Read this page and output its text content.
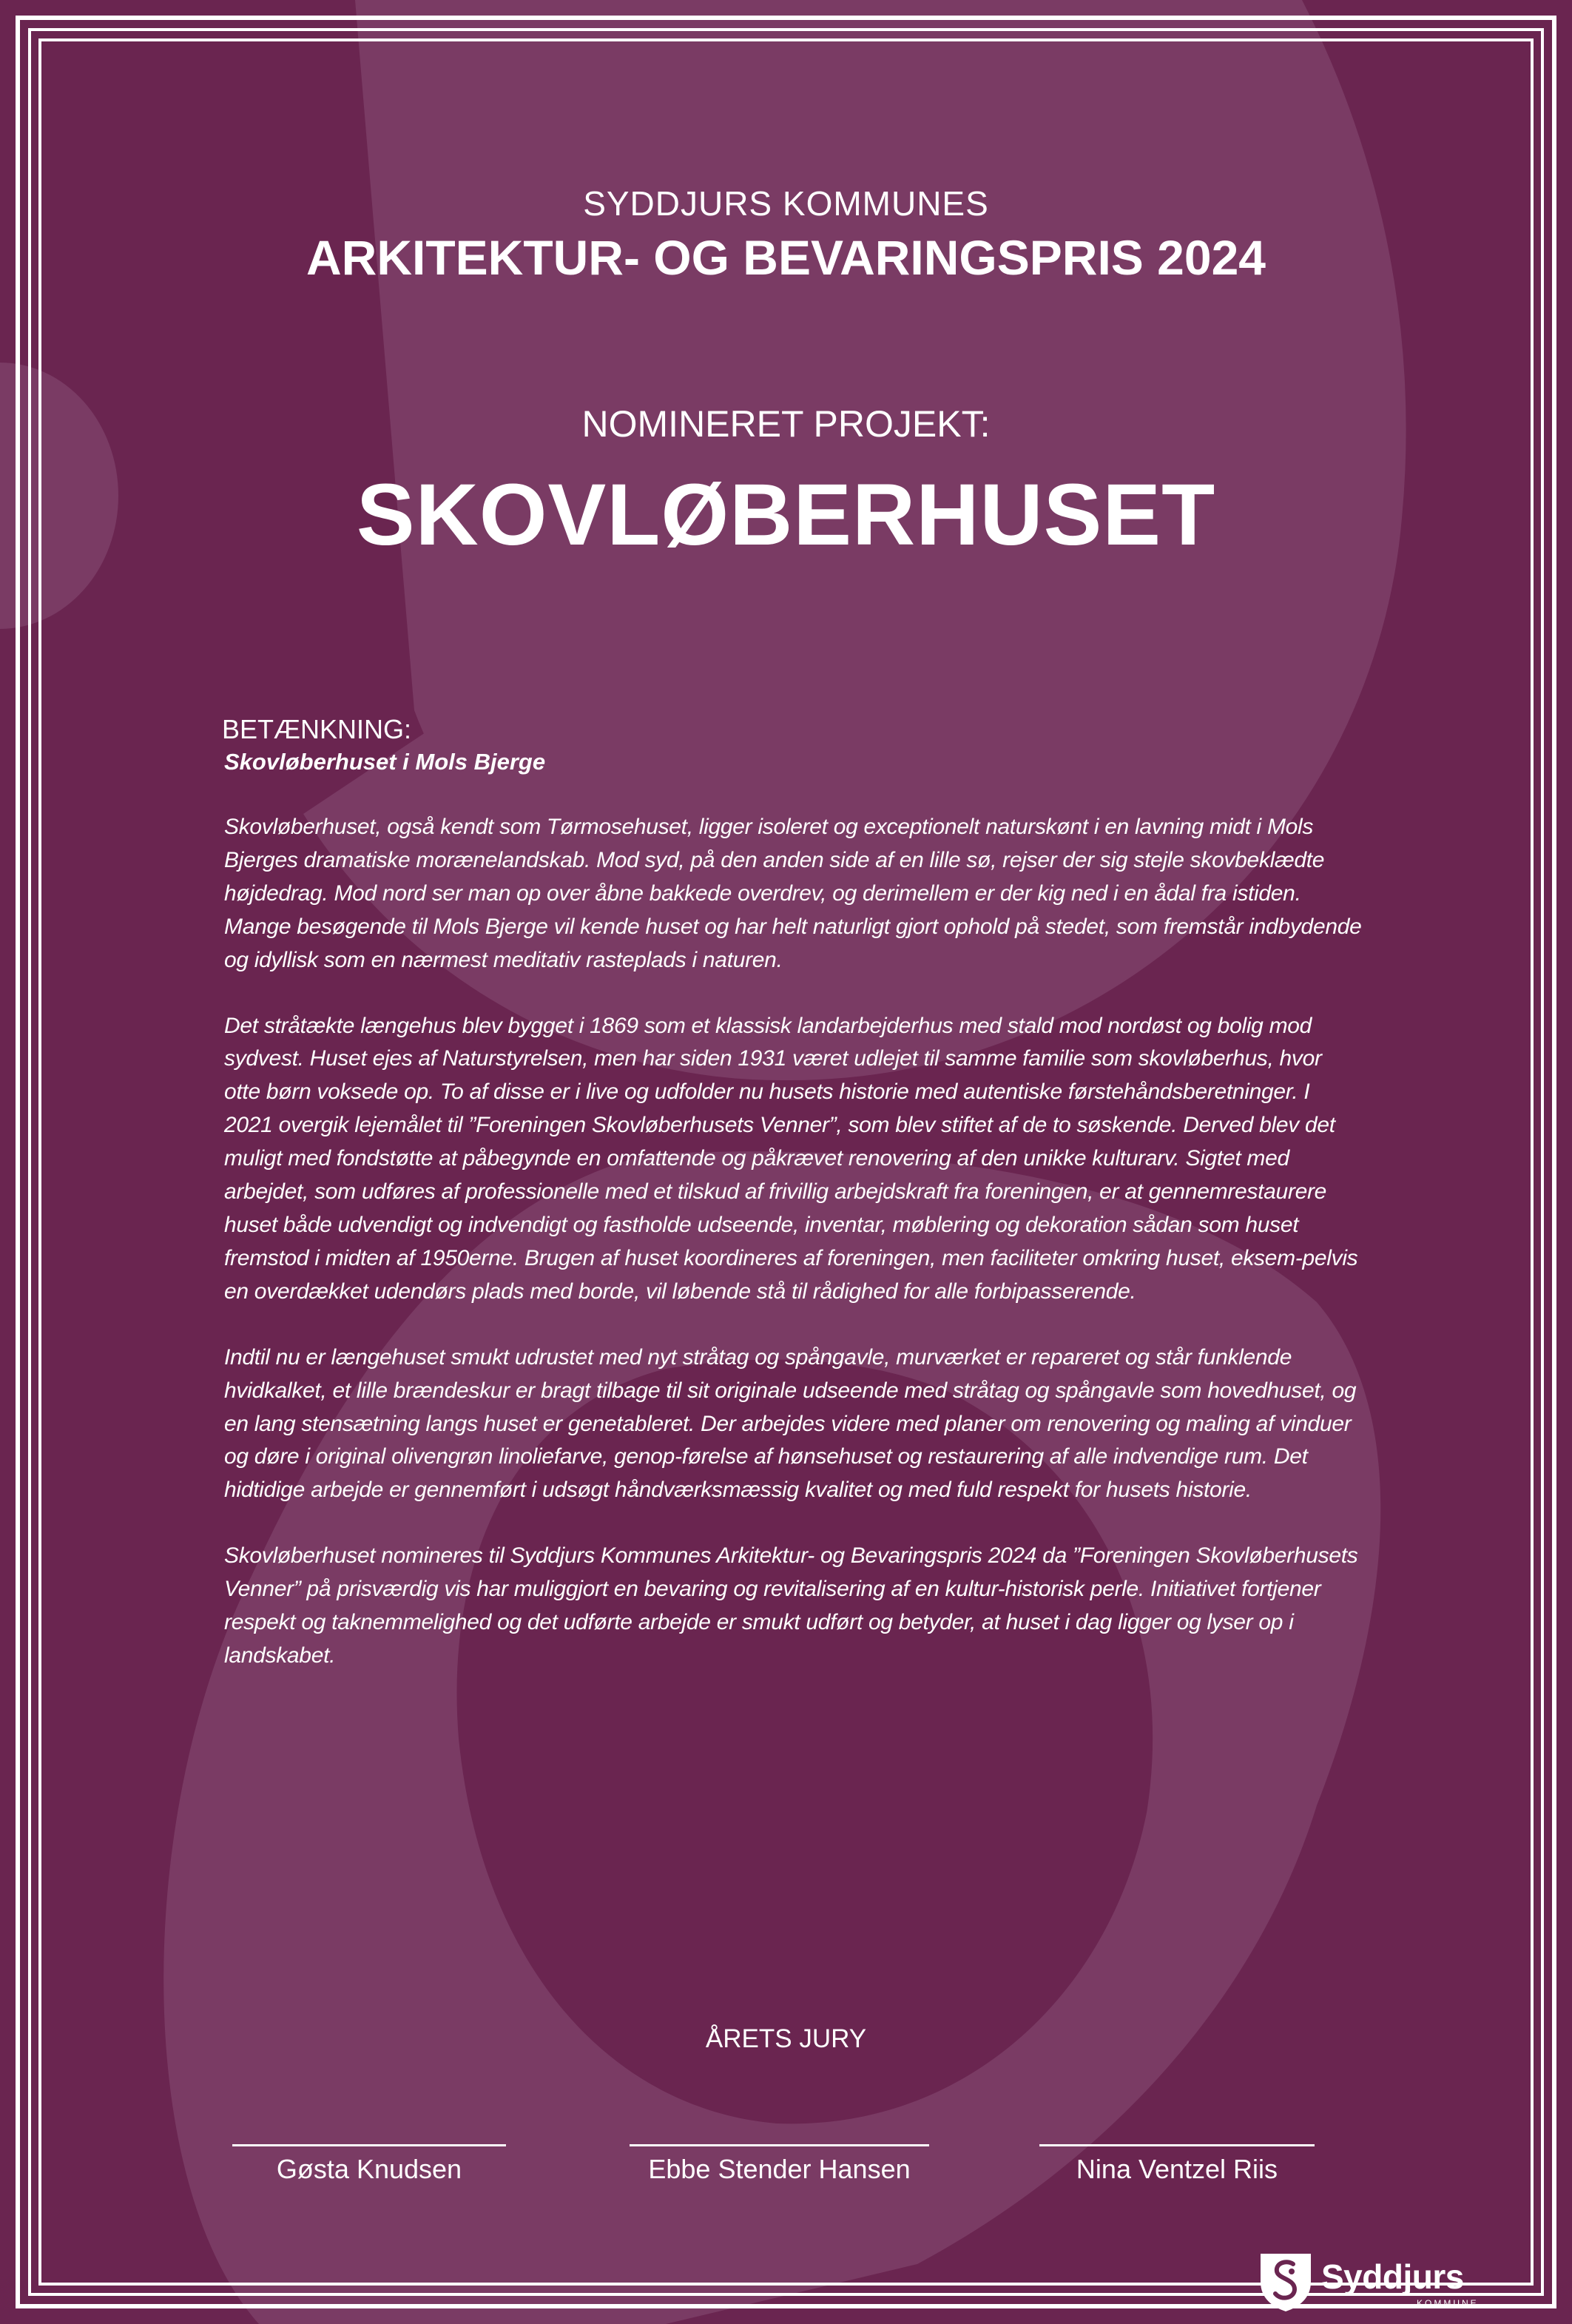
SYDDJURS KOMMUNES
ARKITEKTUR- OG BEVARINGSPRIS 2024
NOMINERET PROJEKT:
SKOVLØBERHUSET
BETÆNKNING:
Skovløberhuset i Mols Bjerge

Skovløberhuset, også kendt som Tørmosehuset, ligger isoleret og exceptionelt naturskønt i en lavning midt i Mols Bjerges dramatiske morænelandskab. Mod syd, på den anden side af en lille sø, rejser der sig stejle skovbeklædte højdedrag. Mod nord ser man op over åbne bakkede overdrev, og derimellem er der kig ned i en ådal fra istiden. Mange besøgende til Mols Bjerge vil kende huset og har helt naturligt gjort ophold på stedet, som fremstår indbydende og idyllisk som en nærmest meditativ rasteplads i naturen.

Det stråtækte længehus blev bygget i 1869 som et klassisk landarbejderhus med stald mod nordøst og bolig mod sydvest. Huset ejes af Naturstyrelsen, men har siden 1931 været udlejet til samme familie som skovløberhus, hvor otte børn voksede op. To af disse er i live og udfolder nu husets historie med autentiske førstehåndsberetninger. I 2021 overgik lejemålet til ”Foreningen Skovløberhusets Venner”, som blev stiftet af de to søskende. Derved blev det muligt med fondstøtte at påbegynde en omfattende og påkrævet renovering af den unikke kulturarv. Sigtet med arbejdet, som udføres af professionelle med et tilskud af frivillig arbejdskraft fra foreningen, er at gennemrestaurere huset både udvendigt og indvendigt og fastholde udseende, inventar, møblering og dekoration sådan som huset fremstod i midten af 1950erne. Brugen af huset koordineres af foreningen, men faciliteter omkring huset, eksem-pelvis en overdækket udendørs plads med borde, vil løbende stå til rådighed for alle forbipasserende.

Indtil nu er længehuset smukt udrustet med nyt stråtag og spångavle, murværket er repareret og står funklende hvidkalket, et lille brændeskur er bragt tilbage til sit originale udseende med stråtag og spångavle som hovedhuset, og en lang stensætning langs huset er genetableret. Der arbejdes videre med planer om renovering og maling af vinduer og døre i original olivengrøn linoliefarve, genop-førelse af hønsehuset og restaurering af alle indvendige rum. Det hidtidige arbejde er gennemført i udsøgt håndværksmæssig kvalitet og med fuld respekt for husets historie.

Skovløberhuset nomineres til Syddjurs Kommunes Arkitektur- og Bevaringspris 2024 da ”Foreningen Skovløberhusets Venner” på prisværdig vis har muliggjort en bevaring og revitalisering af en kultur-historisk perle. Initiativet fortjener respekt og taknemmelighed og det udførte arbejde er smukt udført og betyder, at huset i dag ligger og lyser op i landskabet.

ÅRETS JURY
Gøsta Knudsen	Ebbe Stender Hansen	Nina Ventzel Riis
Syddjurs
KOMMUNE
